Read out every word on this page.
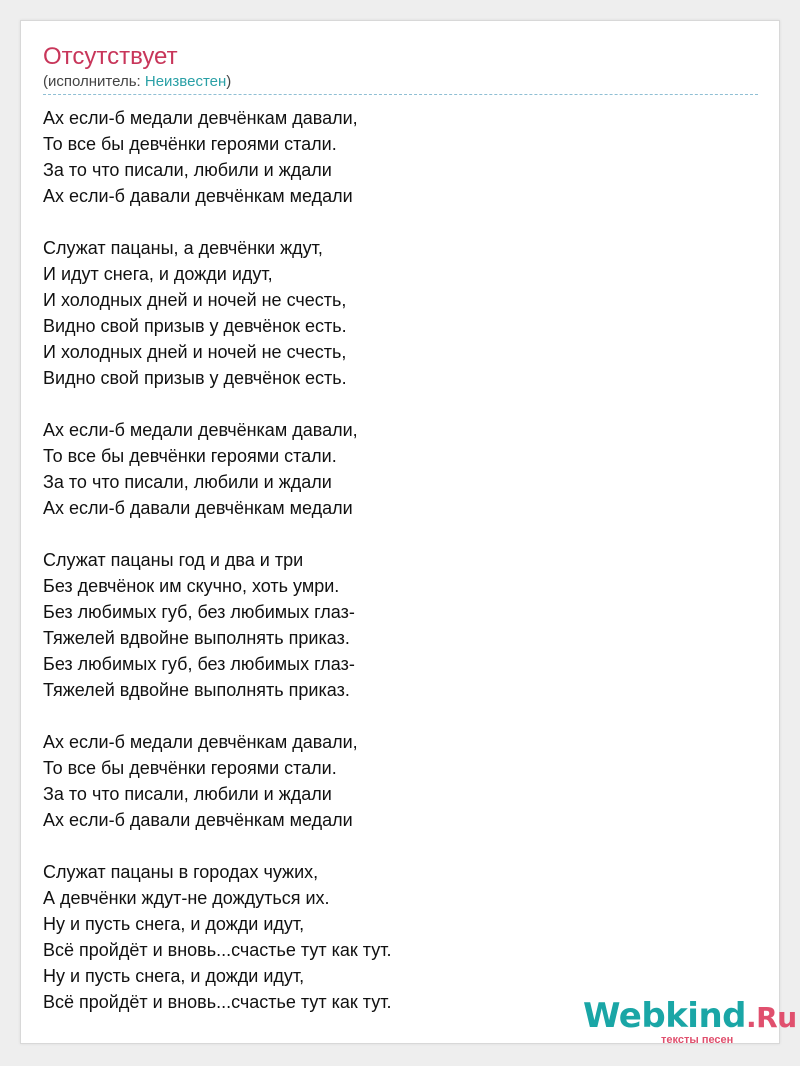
Отсутствует
(исполнитель: Неизвестен)
Ах если-б медали девчёнкам давали,
То все бы девчёнки героями стали.
За то что писали, любили и ждали
Ах если-б давали девчёнкам медали
Служат пацаны, а девчёнки ждут,
И идут снега, и дожди идут,
И холодных дней и ночей не счесть,
Видно свой призыв у девчёнок есть.
И холодных дней и ночей не счесть,
Видно свой призыв у девчёнок есть.
Ах если-б медали девчёнкам давали,
То все бы девчёнки героями стали.
За то что писали, любили и ждали
Ах если-б давали девчёнкам медали
Служат пацаны год и два и три
Без девчёнок им скучно, хоть умри.
Без любимых губ, без любимых глаз-
Тяжелей вдвойне выполнять приказ.
Без любимых губ, без любимых глаз-
Тяжелей вдвойне выполнять приказ.
Ах если-б медали девчёнкам давали,
То все бы девчёнки героями стали.
За то что писали, любили и ждали
Ах если-б давали девчёнкам медали
Служат пацаны в городах чужих,
А девчёнки ждут-не дождуться их.
Ну и пусть снега, и дожди идут,
Всё пройдёт и вновь...счастье тут как тут.
Ну и пусть снега, и дожди идут,
Всё пройдёт и вновь...счастье тут как тут.	Webkind.Ru
тексты песен
